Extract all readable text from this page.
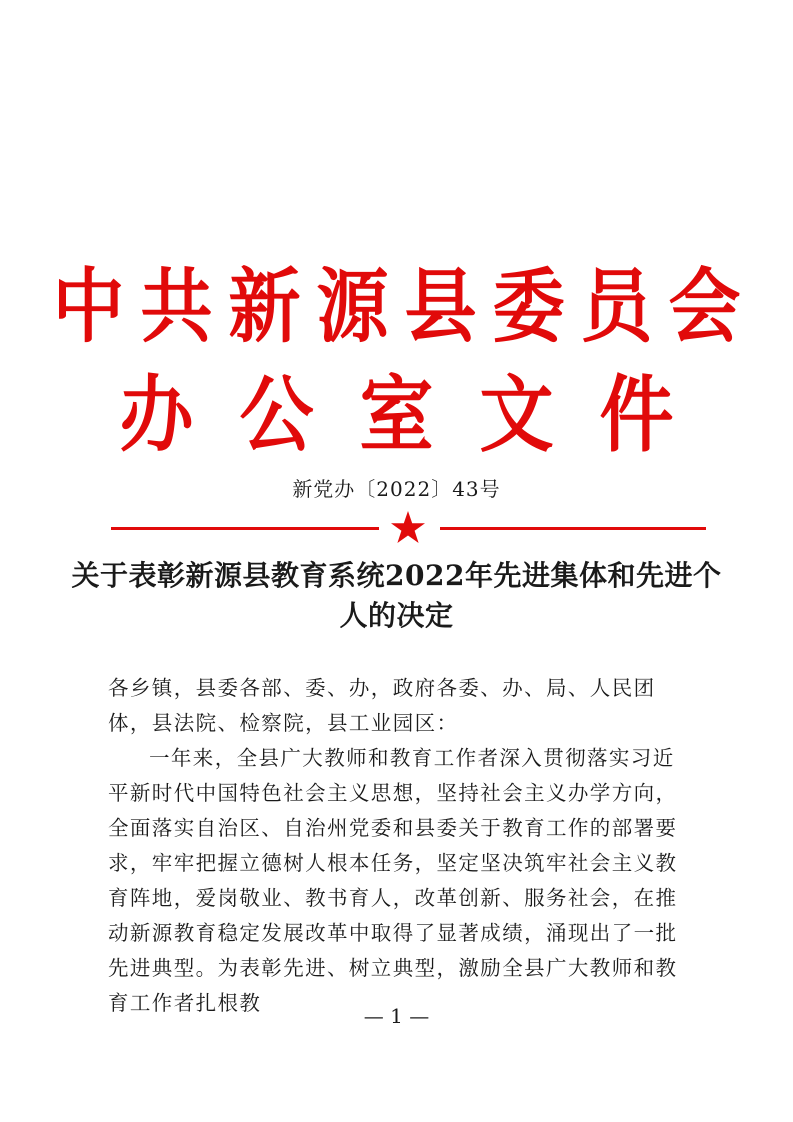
中共新源县委员会
办公室文件
新党办〔2022〕43号
关于表彰新源县教育系统2022年先进集体和先进个人的决定
各乡镇，县委各部、委、办，政府各委、办、局、人民团体，县法院、检察院，县工业园区：
一年来，全县广大教师和教育工作者深入贯彻落实习近平新时代中国特色社会主义思想，坚持社会主义办学方向，全面落实自治区、自治州党委和县委关于教育工作的部署要求，牢牢把握立德树人根本任务，坚定坚决筑牢社会主义教育阵地，爱岗敬业、教书育人，改革创新、服务社会，在推动新源教育稳定发展改革中取得了显著成绩，涌现出了一批先进典型。为表彰先进、树立典型，激励全县广大教师和教育工作者扎根教
— 1 —
